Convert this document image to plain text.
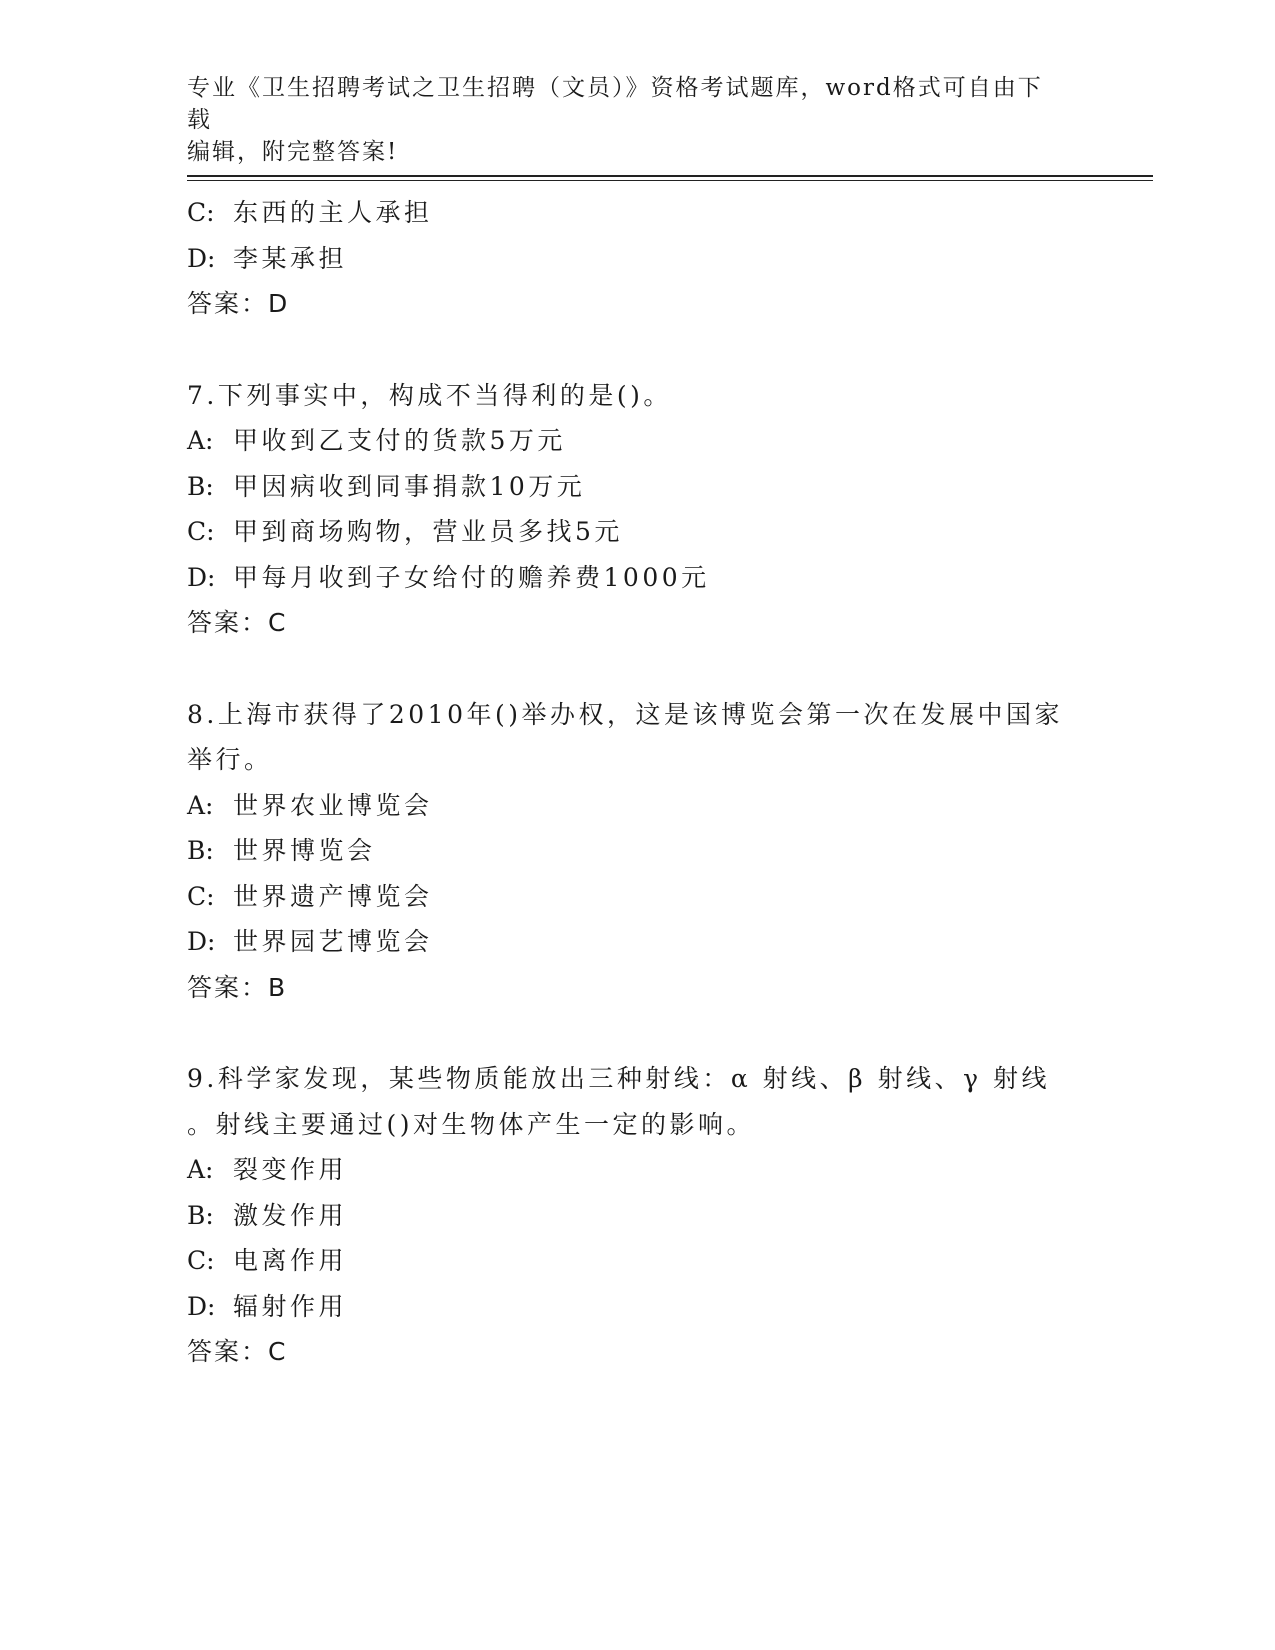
专业《卫生招聘考试之卫生招聘（文员）》资格考试题库，word格式可自由下载
编辑，附完整答案!
C: 东西的主人承担
D: 李某承担
答案：D
7.下列事实中，构成不当得利的是()。
A: 甲收到乙支付的货款5万元
B: 甲因病收到同事捐款10万元
C: 甲到商场购物，营业员多找5元
D: 甲每月收到子女给付的赡养费1000元
答案：C
8.上海市获得了2010年()举办权，这是该博览会第一次在发展中国家
举行。
A: 世界农业博览会
B: 世界博览会
C: 世界遗产博览会
D: 世界园艺博览会
答案：B
9.科学家发现，某些物质能放出三种射线：α 射线、β 射线、γ 射线
。射线主要通过()对生物体产生一定的影响。
A: 裂变作用
B: 激发作用
C: 电离作用
D: 辐射作用
答案：C
